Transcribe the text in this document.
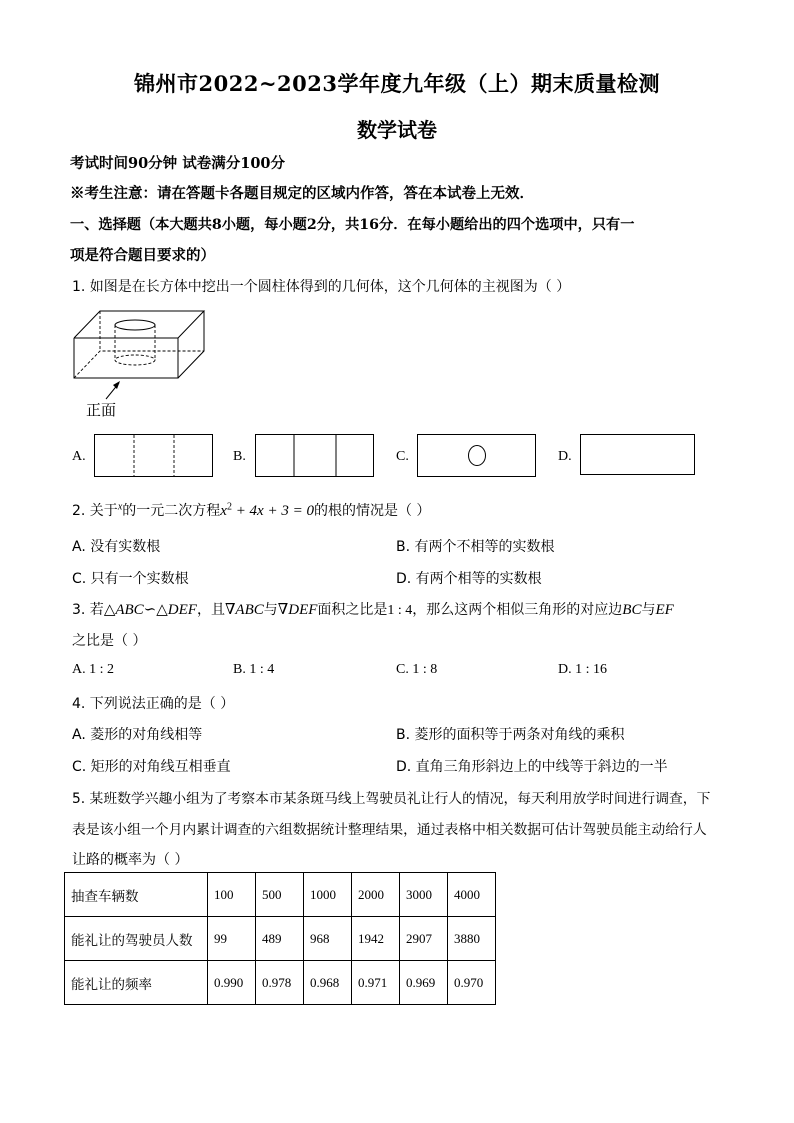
锦州市2022~2023学年度九年级（上）期末质量检测
数学试卷
考试时间90分钟 试卷满分100分
※考生注意：请在答题卡各题目规定的区域内作答，答在本试卷上无效．
一、选择题（本大题共8小题，每小题2分，共16分．在每小题给出的四个选项中，只有一
项是符合题目要求的）
1. 如图是在长方体中挖出一个圆柱体得到的几何体，这个几何体的主视图为（ ）
正面
A.	B.	C.	D.
2. 关于$^x$的一元二次方程$x^2 + 4x + 3 = 0$的根的情况是（ ）
A. 没有实数根	B. 有两个不相等的实数根
C. 只有一个实数根	D. 有两个相等的实数根
3. 若△ABC∽△DEF，且∇ABC与∇DEF面积之比是1 : 4，那么这两个相似三角形的对应边BC与EF
之比是（ ）
A. 1 : 2	B. 1 : 4	C. 1 : 8	D. 1 : 16
4. 下列说法正确的是（ ）
A. 菱形的对角线相等	B. 菱形的面积等于两条对角线的乘积
C. 矩形的对角线互相垂直	D. 直角三角形斜边上的中线等于斜边的一半
5. 某班数学兴趣小组为了考察本市某条斑马线上驾驶员礼让行人的情况，每天利用放学时间进行调查，下
表是该小组一个月内累计调查的六组数据统计整理结果，通过表格中相关数据可估计驾驶员能主动给行人
让路的概率为（ ）
抽查车辆数	100	500	1000	2000	3000	4000
能礼让的驾驶员人数	99	489	968	1942	2907	3880
能礼让的频率	0.990	0.978	0.968	0.971	0.969	0.970
